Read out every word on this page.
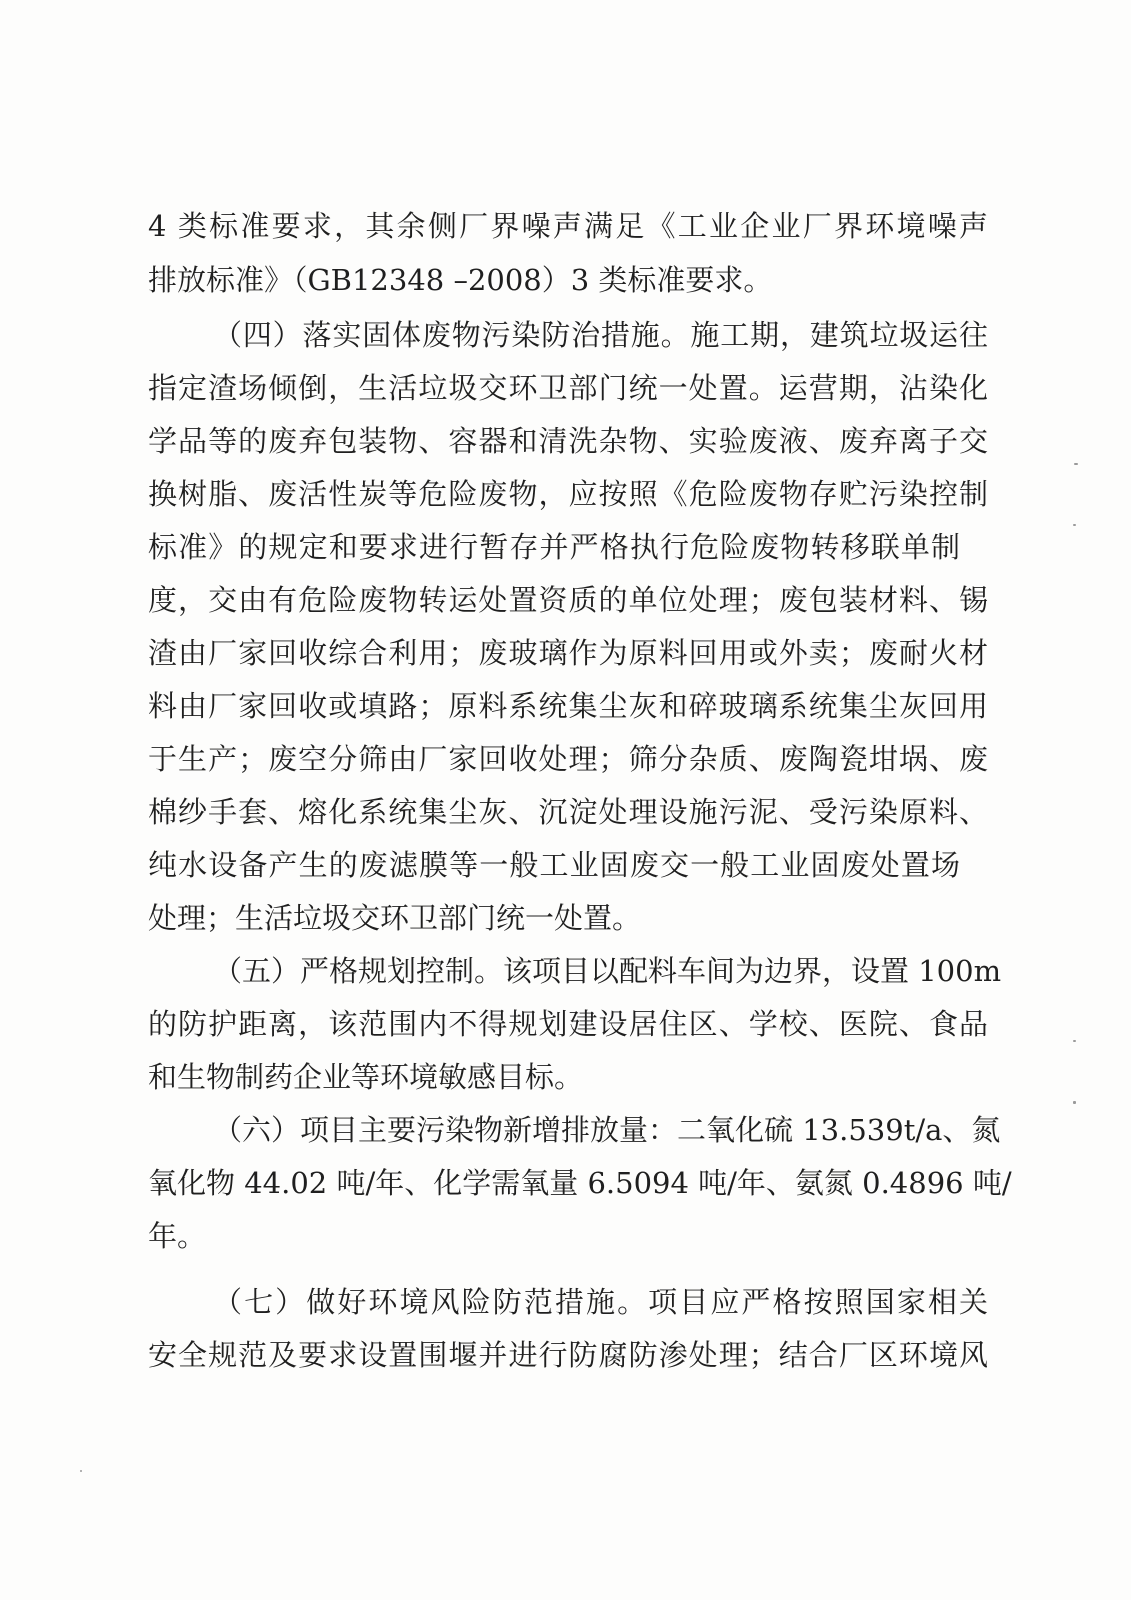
4 类标准要求，其余侧厂界噪声满足《工业企业厂界环境噪声
排放标准》（GB12348 –2008）3 类标准要求。
（四）落实固体废物污染防治措施。施工期，建筑垃圾运往
指定渣场倾倒，生活垃圾交环卫部门统一处置。运营期，沾染化
学品等的废弃包装物、容器和清洗杂物、实验废液、废弃离子交
换树脂、废活性炭等危险废物，应按照《危险废物存贮污染控制
标准》的规定和要求进行暂存并严格执行危险废物转移联单制
度，交由有危险废物转运处置资质的单位处理；废包装材料、锡
渣由厂家回收综合利用；废玻璃作为原料回用或外卖；废耐火材
料由厂家回收或填路；原料系统集尘灰和碎玻璃系统集尘灰回用
于生产；废空分筛由厂家回收处理；筛分杂质、废陶瓷坩埚、废
棉纱手套、熔化系统集尘灰、沉淀处理设施污泥、受污染原料、
纯水设备产生的废滤膜等一般工业固废交一般工业固废处置场
处理；生活垃圾交环卫部门统一处置。
（五）严格规划控制。该项目以配料车间为边界，设置 100m
的防护距离，该范围内不得规划建设居住区、学校、医院、食品
和生物制药企业等环境敏感目标。
（六）项目主要污染物新增排放量：二氧化硫 13.539t/a、氮
氧化物 44.02 吨/年、化学需氧量 6.5094 吨/年、氨氮 0.4896 吨/
年。
（七）做好环境风险防范措施。项目应严格按照国家相关
安全规范及要求设置围堰并进行防腐防渗处理；结合厂区环境风
